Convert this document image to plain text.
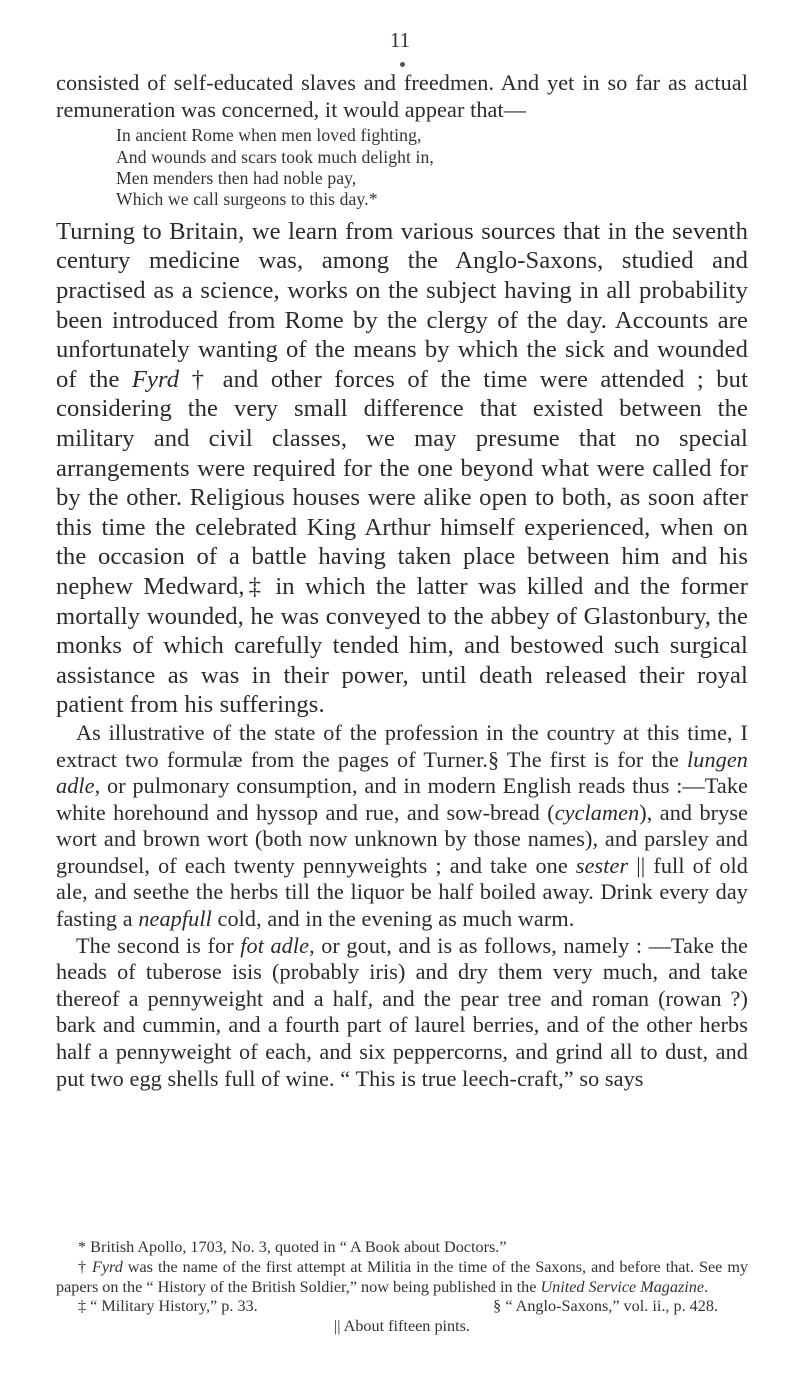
11

consisted of self-educated slaves and freedmen. And yet in so far as actual remuneration was concerned, it would appear that—

In ancient Rome when men loved fighting,
And wounds and scars took much delight in,
Men menders then had noble pay,
Which we call surgeons to this day.*

Turning to Britain, we learn from various sources that in the seventh century medicine was, among the Anglo-Saxons, studied and practised as a science, works on the subject having in all probability been introduced from Rome by the clergy of the day. Accounts are unfortunately wanting of the means by which the sick and wounded of the Fyrd † and other forces of the time were attended ; but considering the very small difference that existed between the military and civil classes, we may presume that no special arrangements were required for the one beyond what were called for by the other. Religious houses were alike open to both, as soon after this time the celebrated King Arthur himself experienced, when on the occasion of a battle having taken place between him and his nephew Medward,‡ in which the latter was killed and the former mortally wounded, he was conveyed to the abbey of Glastonbury, the monks of which carefully tended him, and bestowed such surgical assistance as was in their power, until death released their royal patient from his sufferings.

As illustrative of the state of the profession in the country at this time, I extract two formulæ from the pages of Turner.§ The first is for the lungen adle, or pulmonary consumption, and in modern English reads thus :—Take white horehound and hyssop and rue, and sow-bread (cyclamen), and bryse wort and brown wort (both now unknown by those names), and parsley and groundsel, of each twenty pennyweights ; and take one sester || full of old ale, and seethe the herbs till the liquor be half boiled away. Drink every day fasting a neapfull cold, and in the evening as much warm.

The second is for fot adle, or gout, and is as follows, namely : —Take the heads of tuberose isis (probably iris) and dry them very much, and take thereof a pennyweight and a half, and the pear tree and roman (rowan ?) bark and cummin, and a fourth part of laurel berries, and of the other herbs half a pennyweight of each, and six peppercorns, and grind all to dust, and put two egg shells full of wine. “ This is true leech-craft,” so says

* British Apollo, 1703, No. 3, quoted in “ A Book about Doctors.”
† Fyrd was the name of the first attempt at Militia in the time of the Saxons, and before that. See my papers on the “ History of the British Soldier,” now being published in the United Service Magazine.
‡ “ Military History,” p. 33.	§ “ Anglo-Saxons,” vol. ii., p. 428.
|| About fifteen pints.
